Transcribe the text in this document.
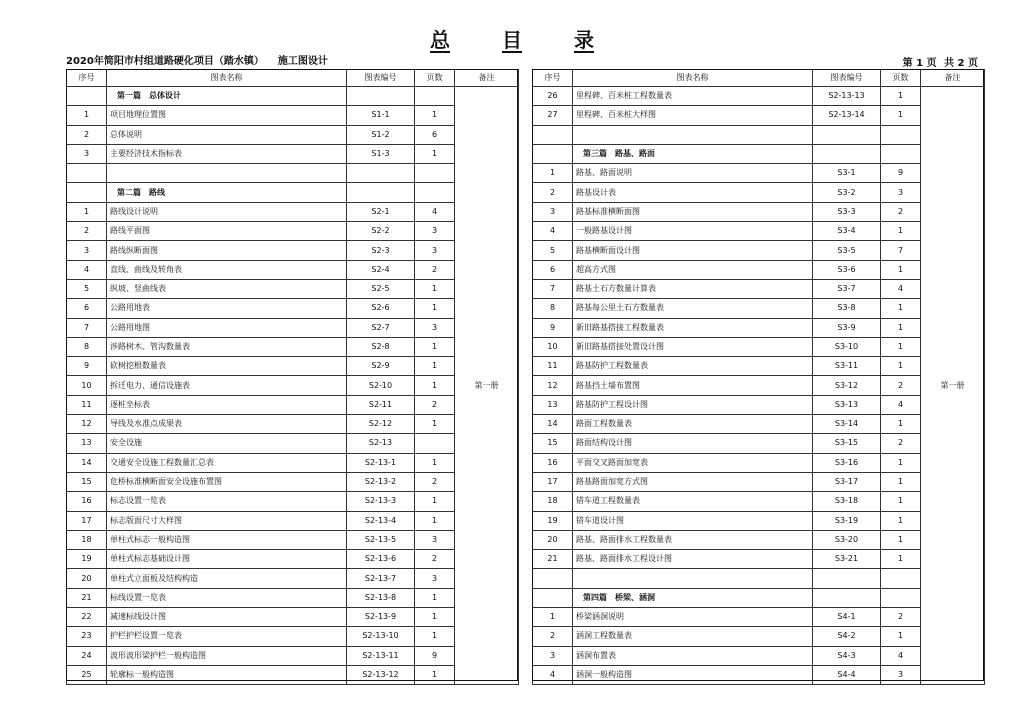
总	目	录
2020年简阳市村组道路硬化项目（踏水镇） 施工图设计	第 1 页 共 2 页
序号	图表名称	图表编号	页数	备注
	第一篇　总体设计			第一册
1	项目地理位置图	S1-1	1	
2	总体说明	S1-2	6	
3	主要经济技术指标表	S1-3	1	

	第二篇　路线			
1	路线设计说明	S2-1	4	
2	路线平面图	S2-2	3	
3	路线纵断面图	S2-3	3	
4	直线、曲线及转角表	S2-4	2	
5	纵坡、竖曲线表	S2-5	1	
6	公路用地表	S2-6	1	
7	公路用地图	S2-7	3	
8	涉路树木、管沟数量表	S2-8	1	
9	砍树挖根数量表	S2-9	1	
10	拆迁电力、通信设施表	S2-10	1	
11	逐桩坐标表	S2-11	2	
12	导线及水准点成果表	S2-12	1	
13	安全设施	S2-13		
14	交通安全设施工程数量汇总表	S2-13-1	1	
15	危桥标准横断面安全设施布置图	S2-13-2	2	
16	标志设置一览表	S2-13-3	1	
17	标志版面尺寸大样图	S2-13-4	1	
18	单柱式标志一般构造图	S2-13-5	3	
19	单柱式标志基础设计图	S2-13-6	2	
20	单柱式立面板及结构构造	S2-13-7	3	
21	标线设置一览表	S2-13-8	1	
22	减速标线设计图	S2-13-9	1	
23	护栏护栏设置一览表	S2-13-10	1	
24	波形波形梁护栏一般构造图	S2-13-11	9	
25	轮廓标一般构造图	S2-13-12	1	
序号	图表名称	图表编号	页数	备注
26	里程碑、百米桩工程数量表	S2-13-13	1	第一册
27	里程碑、百米桩大样图	S2-13-14	1	

	第三篇　路基、路面			
1	路基、路面说明	S3-1	9	
2	路基设计表	S3-2	3	
3	路基标准横断面图	S3-3	2	
4	一般路基设计图	S3-4	1	
5	路基横断面设计图	S3-5	7	
6	超高方式图	S3-6	1	
7	路基土石方数量计算表	S3-7	4	
8	路基每公里土石方数量表	S3-8	1	
9	新旧路基搭接工程数量表	S3-9	1	
10	新旧路基搭接处置设计图	S3-10	1	
11	路基防护工程数量表	S3-11	1	
12	路基挡土墙布置图	S3-12	2	
13	路基防护工程设计图	S3-13	4	
14	路面工程数量表	S3-14	1	
15	路面结构设计图	S3-15	2	
16	平面交叉路面加宽表	S3-16	1	
17	路基路面加宽方式图	S3-17	1	
18	错车道工程数量表	S3-18	1	
19	错车道设计图	S3-19	1	
20	路基、路面排水工程数量表	S3-20	1	
21	路基、路面排水工程设计图	S3-21	1	

	第四篇　桥梁、涵洞			
1	桥梁涵洞说明	S4-1	2	
2	涵洞工程数量表	S4-2	1	
3	涵洞布置表	S4-3	4	
4	涵洞一般构造图	S4-4	3	
